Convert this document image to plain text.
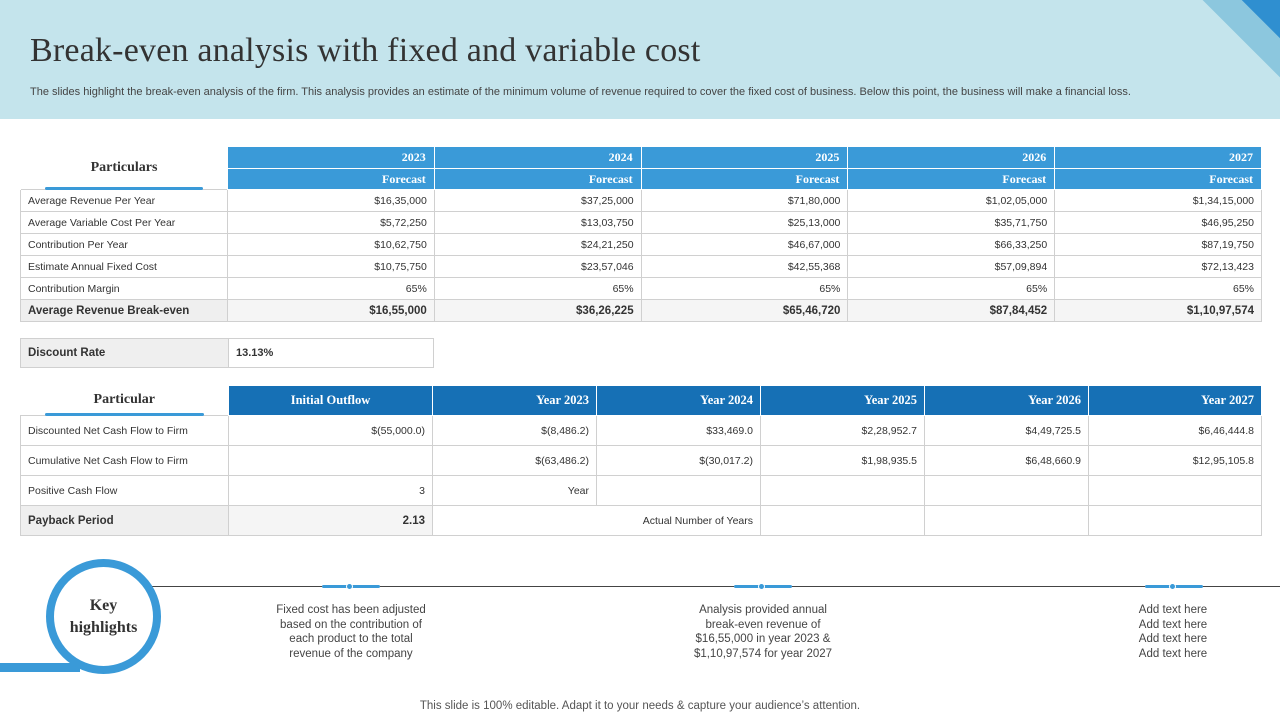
Break-even analysis with fixed and variable cost
The slides highlight the break-even analysis of the firm. This analysis provides an estimate of the minimum volume of revenue required to cover the fixed cost of business. Below this point, the business will make a financial loss.
Particulars	2023	2024	2025	2026	2027
	Forecast	Forecast	Forecast	Forecast	Forecast
Average Revenue Per Year	$16,35,000	$37,25,000	$71,80,000	$1,02,05,000	$1,34,15,000
Average Variable Cost Per Year	$5,72,250	$13,03,750	$25,13,000	$35,71,750	$46,95,250
Contribution Per Year	$10,62,750	$24,21,250	$46,67,000	$66,33,250	$87,19,750
Estimate Annual Fixed Cost	$10,75,750	$23,57,046	$42,55,368	$57,09,894	$72,13,423
Contribution Margin	65%	65%	65%	65%	65%
Average Revenue Break-even	$16,55,000	$36,26,225	$65,46,720	$87,84,452	$1,10,97,574
Discount Rate	13.13%
Particular	Initial Outflow	Year 2023	Year 2024	Year 2025	Year 2026	Year 2027
Discounted Net Cash Flow to Firm	$(55,000.0)	$(8,486.2)	$33,469.0	$2,28,952.7	$4,49,725.5	$6,46,444.8
Cumulative Net Cash Flow to Firm		$(63,486.2)	$(30,017.2)	$1,98,935.5	$6,48,660.9	$12,95,105.8
Positive Cash Flow	3	Year				
Payback Period	2.13	Actual Number of Years				
Key
highlights
Fixed cost has been adjusted
based on the contribution of
each product to the total
revenue of the company
Analysis provided annual
break-even revenue of
$16,55,000 in year 2023 &
$1,10,97,574 for year 2027
Add text here
Add text here
Add text here
Add text here
This slide is 100% editable. Adapt it to your needs & capture your audience’s attention.
